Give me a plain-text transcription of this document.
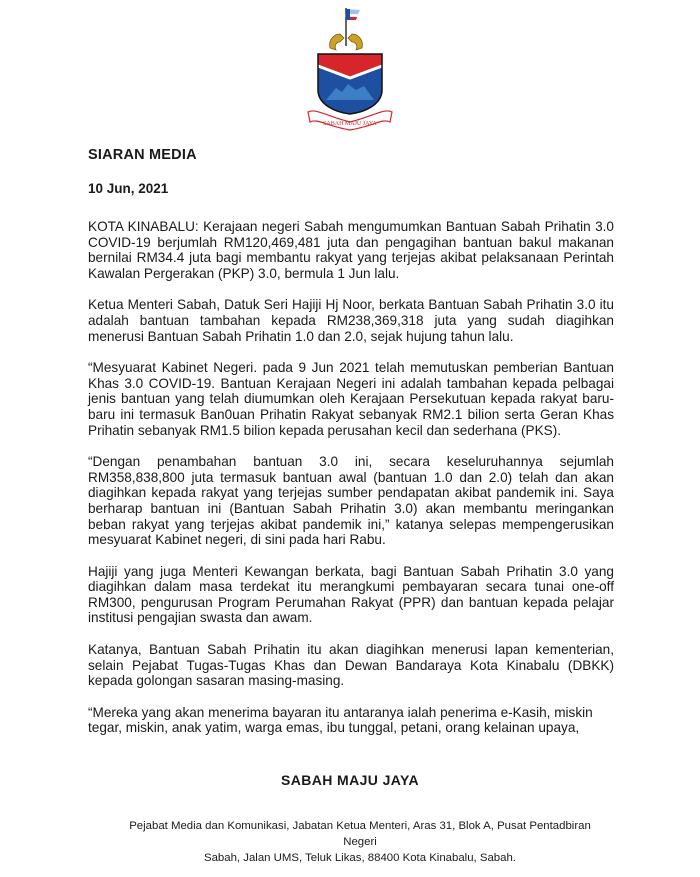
SABAH MAJU JAYA
SIARAN MEDIA
10 Jun, 2021

KOTA KINABALU: Kerajaan negeri Sabah mengumumkan Bantuan Sabah Prihatin 3.0 COVID-19 berjumlah RM120,469,481 juta dan pengagihan bantuan bakul makanan bernilai RM34.4 juta bagi membantu rakyat yang terjejas akibat pelaksanaan Perintah Kawalan Pergerakan (PKP) 3.0, bermula 1 Jun lalu.

Ketua Menteri Sabah, Datuk Seri Hajiji Hj Noor, berkata Bantuan Sabah Prihatin 3.0 itu adalah bantuan tambahan kepada RM238,369,318 juta yang sudah diagihkan menerusi Bantuan Sabah Prihatin 1.0 dan 2.0, sejak hujung tahun lalu.

“Mesyuarat Kabinet Negeri. pada 9 Jun 2021 telah memutuskan pemberian Bantuan Khas 3.0 COVID-19. Bantuan Kerajaan Negeri ini adalah tambahan kepada pelbagai jenis bantuan yang telah diumumkan oleh Kerajaan Persekutuan kepada rakyat baru-baru ini termasuk Ban0uan Prihatin Rakyat sebanyak RM2.1 bilion serta Geran Khas Prihatin sebanyak RM1.5 bilion kepada perusahan kecil dan sederhana (PKS).

“Dengan penambahan bantuan 3.0 ini, secara keseluruhannya sejumlah RM358,838,800 juta termasuk bantuan awal (bantuan 1.0 dan 2.0) telah dan akan diagihkan kepada rakyat yang terjejas sumber pendapatan akibat pandemik ini. Saya berharap bantuan ini (Bantuan Sabah Prihatin 3.0) akan membantu meringankan beban rakyat yang terjejas akibat pandemik ini,” katanya selepas mempengerusikan mesyuarat Kabinet negeri, di sini pada hari Rabu.

Hajiji yang juga Menteri Kewangan berkata, bagi Bantuan Sabah Prihatin 3.0 yang diagihkan dalam masa terdekat itu merangkumi pembayaran secara tunai one-off RM300, pengurusan Program Perumahan Rakyat (PPR) dan bantuan kepada pelajar institusi pengajian swasta dan awam.

Katanya, Bantuan Sabah Prihatin itu akan diagihkan menerusi lapan kementerian, selain Pejabat Tugas-Tugas Khas dan Dewan Bandaraya Kota Kinabalu (DBKK) kepada golongan sasaran masing-masing.

“Mereka yang akan menerima bayaran itu antaranya ialah penerima e-Kasih, miskin tegar, miskin, anak yatim, warga emas, ibu tunggal, petani, orang kelainan upaya,

SABAH MAJU JAYA
Pejabat Media dan Komunikasi, Jabatan Ketua Menteri, Aras 31, Blok A, Pusat Pentadbiran Negeri
Sabah, Jalan UMS, Teluk Likas, 88400 Kota Kinabalu, Sabah.
